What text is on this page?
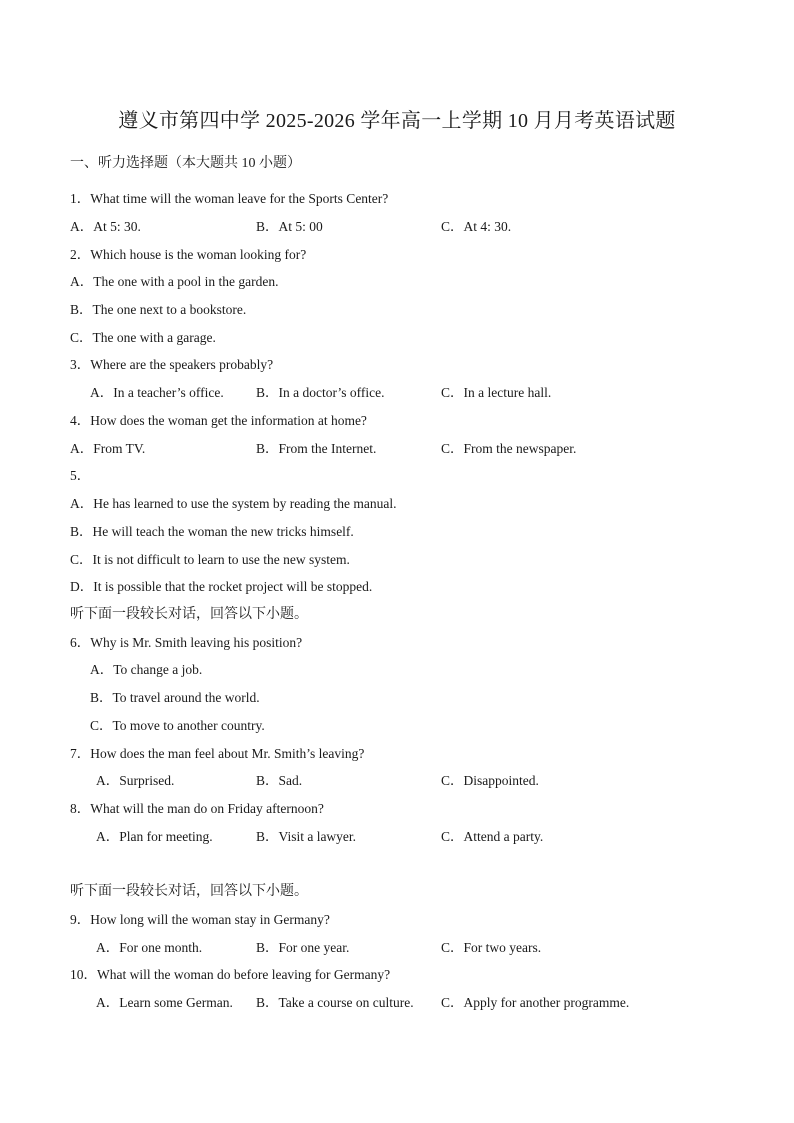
遵义市第四中学 2025-2026 学年高一上学期 10 月月考英语试题
一、听力选择题（本大题共 10 小题）
1．What time will the woman leave for the Sports Center?
A．At 5: 30.	B．At 5: 00	C．At 4: 30.
2．Which house is the woman looking for?
A．The one with a pool in the garden.
B．The one next to a bookstore.
C．The one with a garage.
3．Where are the speakers probably?
A．In a teacher’s office. B．In a doctor’s office.	C．In a lecture hall.
4．How does the woman get the information at home?
A．From TV.	B．From the Internet.	C．From the newspaper.
5．
A．He has learned to use the system by reading the manual.
B．He will teach the woman the new tricks himself.
C．It is not difficult to learn to use the new system.
D．It is possible that the rocket project will be stopped.
听下面一段较长对话，回答以下小题。
6．Why is Mr. Smith leaving his position?
A．To change a job.
B．To travel around the world.
C．To move to another country.
7．How does the man feel about Mr. Smith’s leaving?
A．Surprised.	B．Sad.	C．Disappointed.
8．What will the man do on Friday afternoon?
A．Plan for meeting.	B．Visit a lawyer.	C．Attend a party.
听下面一段较长对话，回答以下小题。
9．How long will the woman stay in Germany?
A．For one month.	B．For one year.	C．For two years.
10．What will the woman do before leaving for Germany?
A．Learn some German. B．Take a course on culture. C．Apply for another programme.
